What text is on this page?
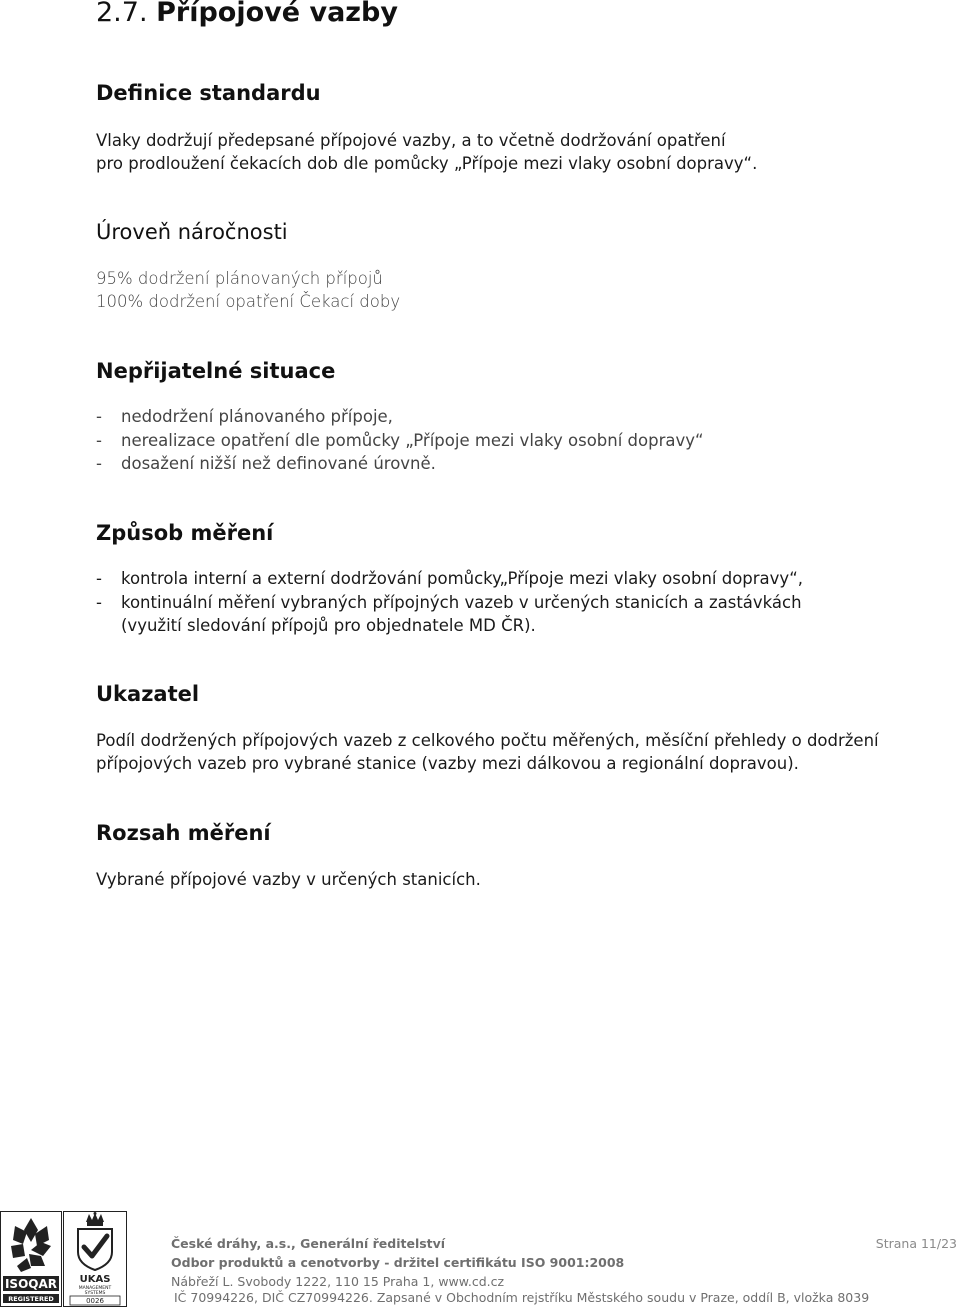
2.7. Přípojové vazby
Definice standardu

Vlaky dodržují předepsané přípojové vazby, a to včetně dodržování opatření
pro prodloužení čekacích dob dle pomůcky „Přípoje mezi vlaky osobní dopravy“.

Úroveň náročnosti

95% dodržení plánovaných přípojů
100% dodržení opatření Čekací doby

Nepřijatelné situace
- nedodržení plánovaného přípoje,
- nerealizace opatření dle pomůcky „Přípoje mezi vlaky osobní dopravy“
- dosažení nižší než definované úrovně.
Způsob měření
- kontrola interní a externí dodržování pomůcky„Přípoje mezi vlaky osobní dopravy“,
- kontinuální měření vybraných přípojných vazeb v určených stanicích a zastávkách
(využití sledování přípojů pro objednatele MD ČR).
Ukazatel

Podíl dodržených přípojových vazeb z celkového počtu měřených, měsíční přehledy o dodržení
přípojových vazeb pro vybrané stanice (vazby mezi dálkovou a regionální dopravou).

Rozsah měření

Vybrané přípojové vazby v určených stanicích.

ISOQAR
REGISTERED
UKAS
MANAGEMENT
SYSTEMS
0026
České dráhy, a.s., Generální ředitelství
Odbor produktů a cenotvorby - držitel certifikátu ISO 9001:2008
Nábřeží L. Svobody 1222, 110 15 Praha 1, www.cd.cz
Strana 11/23
IČ 70994226, DIČ CZ70994226. Zapsané v Obchodním rejstříku Městského soudu v Praze, oddíl B, vložka 8039
